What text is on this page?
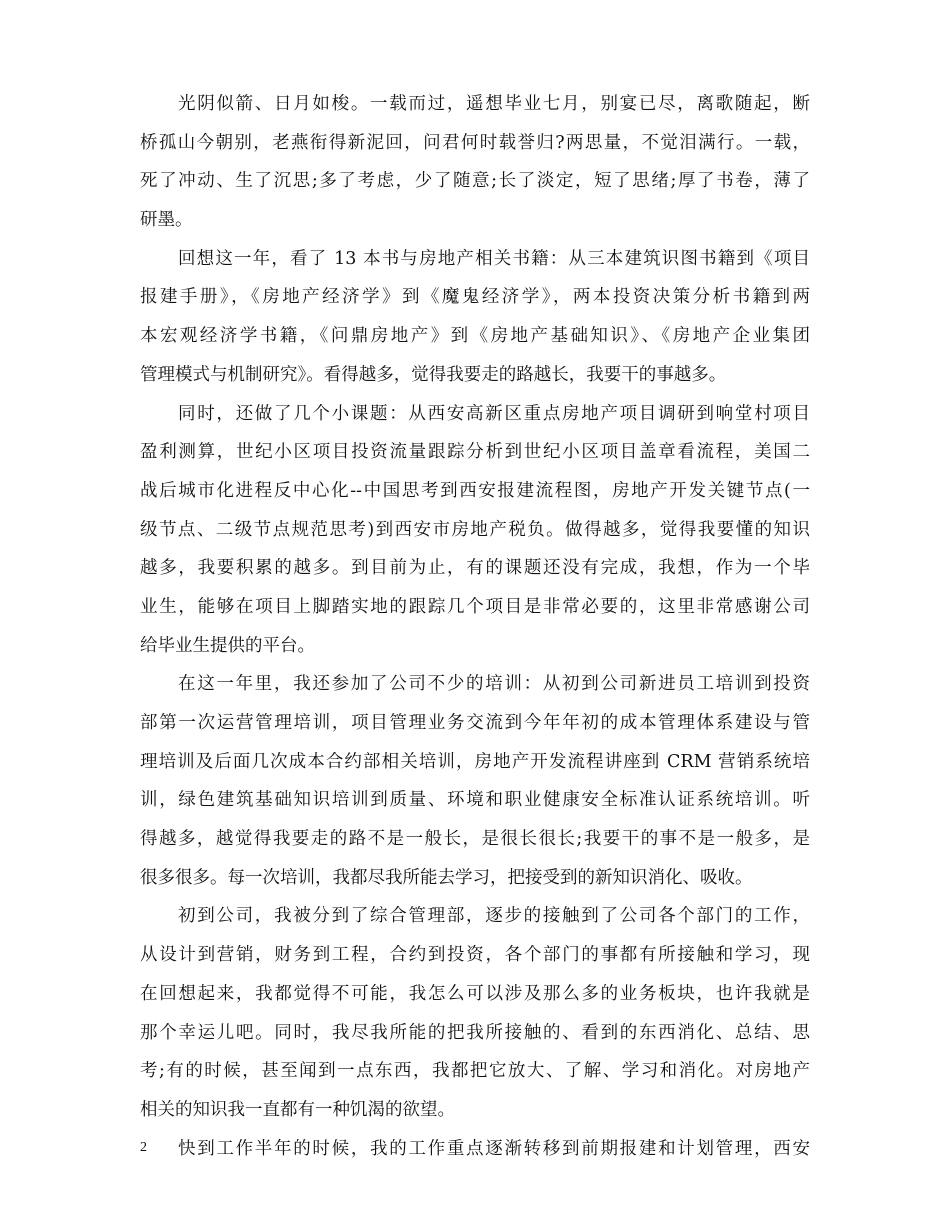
光阴似箭、日月如梭。一载而过，遥想毕业七月，别宴已尽，离歌随起，断
桥孤山今朝别，老燕衔得新泥回，问君何时载誉归?两思量，不觉泪满行。一载，
死了冲动、生了沉思;多了考虑，少了随意;长了淡定，短了思绪;厚了书卷，薄了
研墨。
回想这一年，看了 13 本书与房地产相关书籍：从三本建筑识图书籍到《项目
报建手册》，《房地产经济学》到《魔鬼经济学》，两本投资决策分析书籍到两
本宏观经济学书籍，《问鼎房地产》到《房地产基础知识》、《房地产企业集团
管理模式与机制研究》。看得越多，觉得我要走的路越长，我要干的事越多。
同时，还做了几个小课题：从西安高新区重点房地产项目调研到响堂村项目
盈利测算，世纪小区项目投资流量跟踪分析到世纪小区项目盖章看流程，美国二
战后城市化进程反中心化--中国思考到西安报建流程图，房地产开发关键节点(一
级节点、二级节点规范思考)到西安市房地产税负。做得越多，觉得我要懂的知识
越多，我要积累的越多。到目前为止，有的课题还没有完成，我想，作为一个毕
业生，能够在项目上脚踏实地的跟踪几个项目是非常必要的，这里非常感谢公司
给毕业生提供的平台。
在这一年里，我还参加了公司不少的培训：从初到公司新进员工培训到投资
部第一次运营管理培训，项目管理业务交流到今年年初的成本管理体系建设与管
理培训及后面几次成本合约部相关培训，房地产开发流程讲座到 CRM 营销系统培
训，绿色建筑基础知识培训到质量、环境和职业健康安全标准认证系统培训。听
得越多，越觉得我要走的路不是一般长，是很长很长;我要干的事不是一般多，是
很多很多。每一次培训，我都尽我所能去学习，把接受到的新知识消化、吸收。
初到公司，我被分到了综合管理部，逐步的接触到了公司各个部门的工作，
从设计到营销，财务到工程，合约到投资，各个部门的事都有所接触和学习，现
在回想起来，我都觉得不可能，我怎么可以涉及那么多的业务板块，也许我就是
那个幸运儿吧。同时，我尽我所能的把我所接触的、看到的东西消化、总结、思
考;有的时候，甚至闻到一点东西，我都把它放大、了解、学习和消化。对房地产
相关的知识我一直都有一种饥渴的欲望。
快到工作半年的时候，我的工作重点逐渐转移到前期报建和计划管理，西安
2
